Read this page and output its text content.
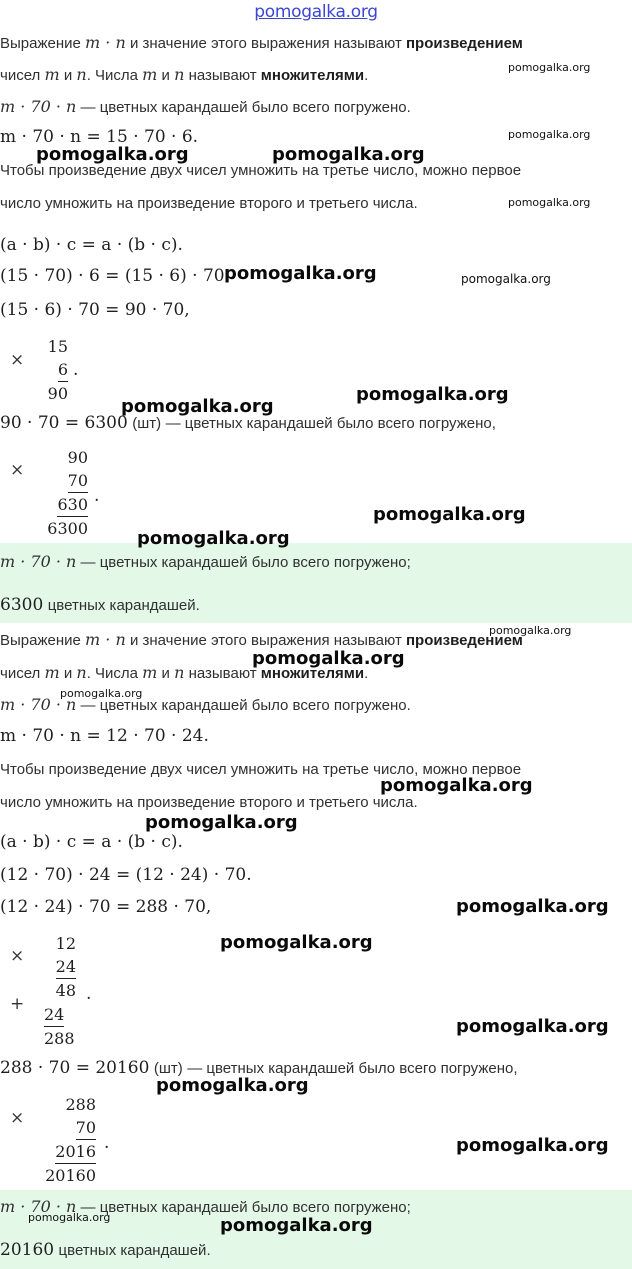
pomogalka.org
Выражение m · n и значение этого выражения называют произведением
чисел m и n. Числа m и n называют множителями.
m · 70 · n — цветных карандашей было всего погружено.
m · 70 · n = 15 · 70 · 6.
Чтобы произведение двух чисел умножить на третье число, можно первое
число умножить на произведение второго и третьего числа.
(a · b) · c = a · (b · c).
(15 · 70) · 6 = (15 · 6) · 70.
(15 · 6) · 70 = 90 · 70,
×
15
6
90
.
90 · 70 = 6300 (шт) — цветных карандашей было всего погружено,
×
90
70
630
6300
.
m · 70 · n — цветных карандашей было всего погружено;
6300 цветных карандашей.
Выражение m · n и значение этого выражения называют произведением
чисел m и n. Числа m и n называют множителями.
m · 70 · n — цветных карандашей было всего погружено.
m · 70 · n = 12 · 70 · 24.
Чтобы произведение двух чисел умножить на третье число, можно первое
число умножить на произведение второго и третьего числа.
(a · b) · c = a · (b · c).
(12 · 70) · 24 = (12 · 24) · 70.
(12 · 24) · 70 = 288 · 70,
×
+
12
24
48
24
288
.
288 · 70 = 20160 (шт) — цветных карандашей было всего погружено,
×
288
70
2016
20160
.
m · 70 · n — цветных карандашей было всего погружено;
20160 цветных карандашей.
pomogalka.org
pomogalka.org
pomogalka.org	pomogalka.org
pomogalka.org
pomogalka.org	pomogalka.org
pomogalka.org
pomogalka.org
pomogalka.org
pomogalka.org
pomogalka.org
pomogalka.org
pomogalka.org
pomogalka.org
pomogalka.org
pomogalka.org
pomogalka.org
pomogalka.org
pomogalka.org
pomogalka.org
pomogalka.org	pomogalka.org
